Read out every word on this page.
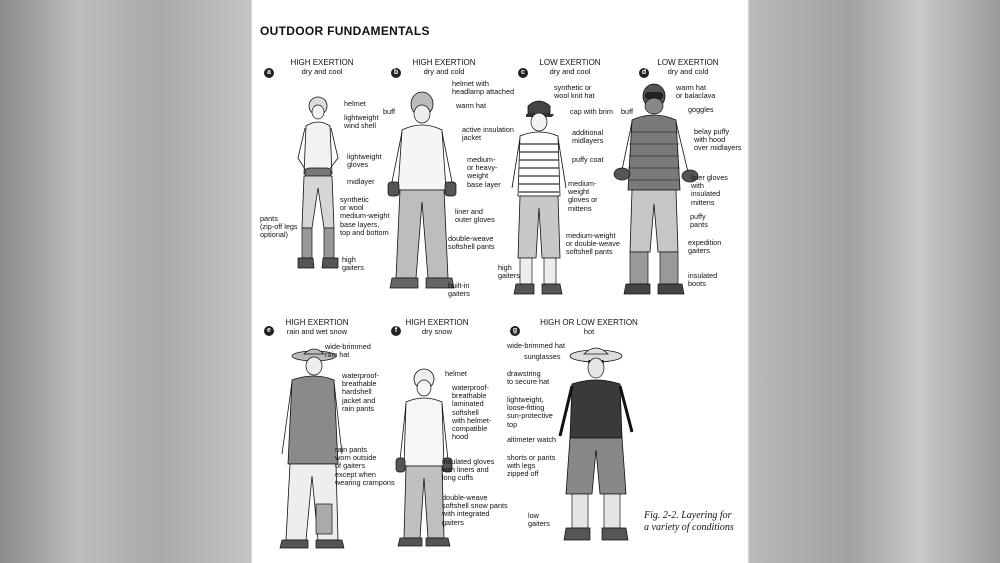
OUTDOOR FUNDAMENTALS
a
HIGH EXERTION
dry and cool
helmet
lightweight
wind shell
lightweight
gloves
midlayer
synthetic
or wool
medium-weight
base layers,
top and bottom
pants
(zip-off legs
optional)
high
gaiters
b
HIGH EXERTION
dry and cold
helmet with
headlamp attached
buff
warm hat
active insulation
jacket
medium-
or heavy-
weight
base layer
liner and
outer gloves
double-weave
softshell pants
built-in
gaiters
c
LOW EXERTION
dry and cool
synthetic or
wool knit hat
cap with brim
additional
midlayers
puffy coat
medium-
weight
gloves or
mittens
medium-weight
or double-weave
softshell pants
high
gaiters
d
LOW EXERTION
dry and cold
warm hat
or balaclava
buff	goggles
belay puffy
with hood
over midlayers
liner gloves
with
insulated
mittens
puffy
pants
expedition
gaiters
insulated
boots
e
HIGH EXERTION
rain and wet snow
wide-brimmed
rain hat
waterproof-
breathable
hardshell
jacket and
rain pants
rain pants
worn outside
of gaiters
except when
wearing crampons
f
HIGH EXERTION
dry snow
helmet
waterproof-
breathable
laminated
softshell
with helmet-
compatible
hood
insulated gloves
with liners and
long cuffs
double-weave
softshell snow pants
with integrated
gaiters
g
HIGH OR LOW EXERTION
hot
wide-brimmed hat
sunglasses
drawstring
to secure hat
lightweight,
loose-fitting
sun-protective
top
altimeter watch
shorts or pants
with legs
zipped off
low
gaiters
Fig. 2-2. Layering for
a variety of conditions
